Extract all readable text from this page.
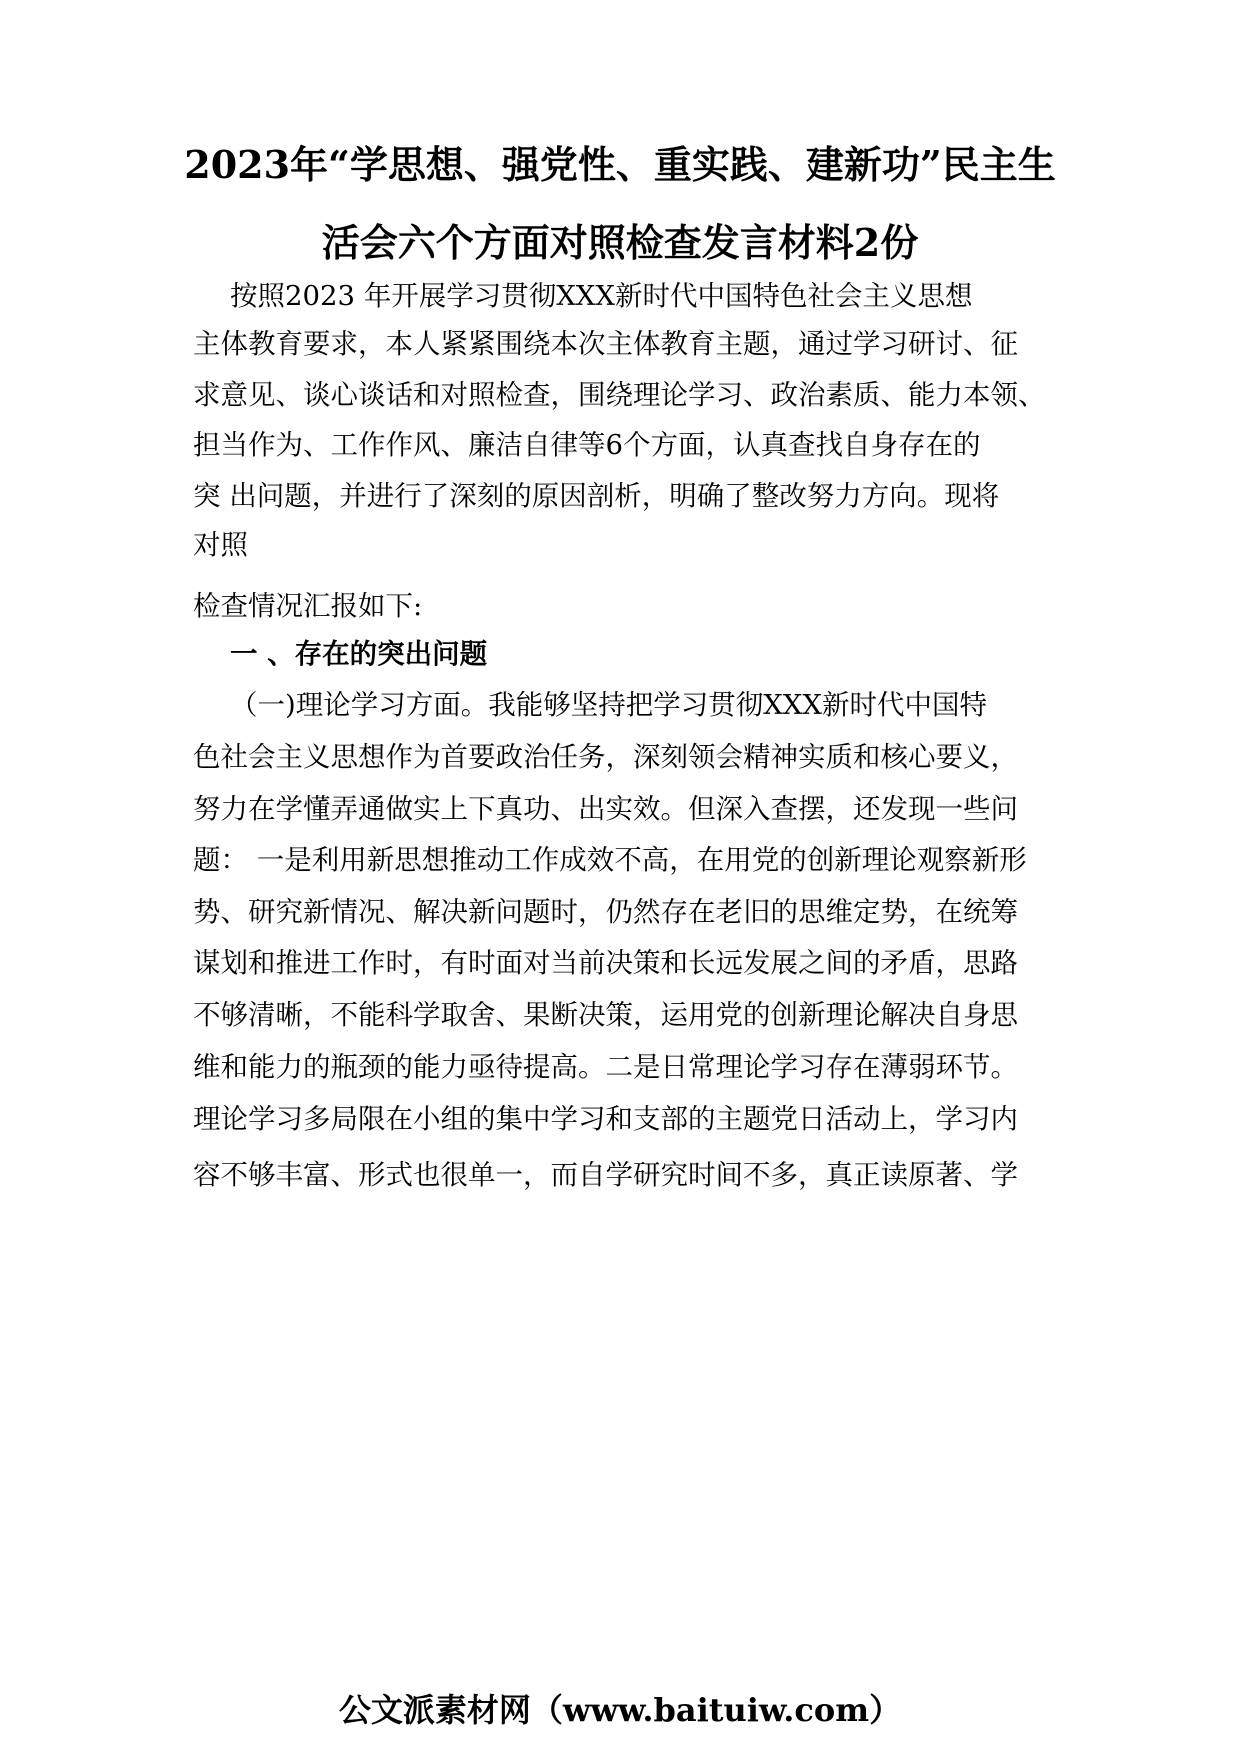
2023年“学思想、强党性、重实践、建新功”民主生
活会六个方面对照检查发言材料2份
按照2023 年开展学习贯彻XXX新时代中国特色社会主义思想
主体教育要求，本人紧紧围绕本次主体教育主题，通过学习研讨、征
求意见、谈心谈话和对照检查，围绕理论学习、政治素质、能力本领、
担当作为、工作作风、廉洁自律等6个方面，认真查找自身存在的
突 出问题，并进行了深刻的原因剖析，明确了整改努力方向。现将
对照
检查情况汇报如下:
一 、存在的突出问题
（一)理论学习方面。我能够坚持把学习贯彻XXX新时代中国特
色社会主义思想作为首要政治任务，深刻领会精神实质和核心要义，
努力在学懂弄通做实上下真功、出实效。但深入查摆，还发现一些问
题： 一是利用新思想推动工作成效不高，在用党的创新理论观察新形
势、研究新情况、解决新问题时，仍然存在老旧的思维定势，在统筹
谋划和推进工作时，有时面对当前决策和长远发展之间的矛盾，思路
不够清晰，不能科学取舍、果断决策，运用党的创新理论解决自身思
维和能力的瓶颈的能力亟待提高。二是日常理论学习存在薄弱环节。
理论学习多局限在小组的集中学习和支部的主题党日活动上，学习内
容不够丰富、形式也很单一，而自学研究时间不多，真正读原著、学
公文派素材网（www.baituiw.com）
